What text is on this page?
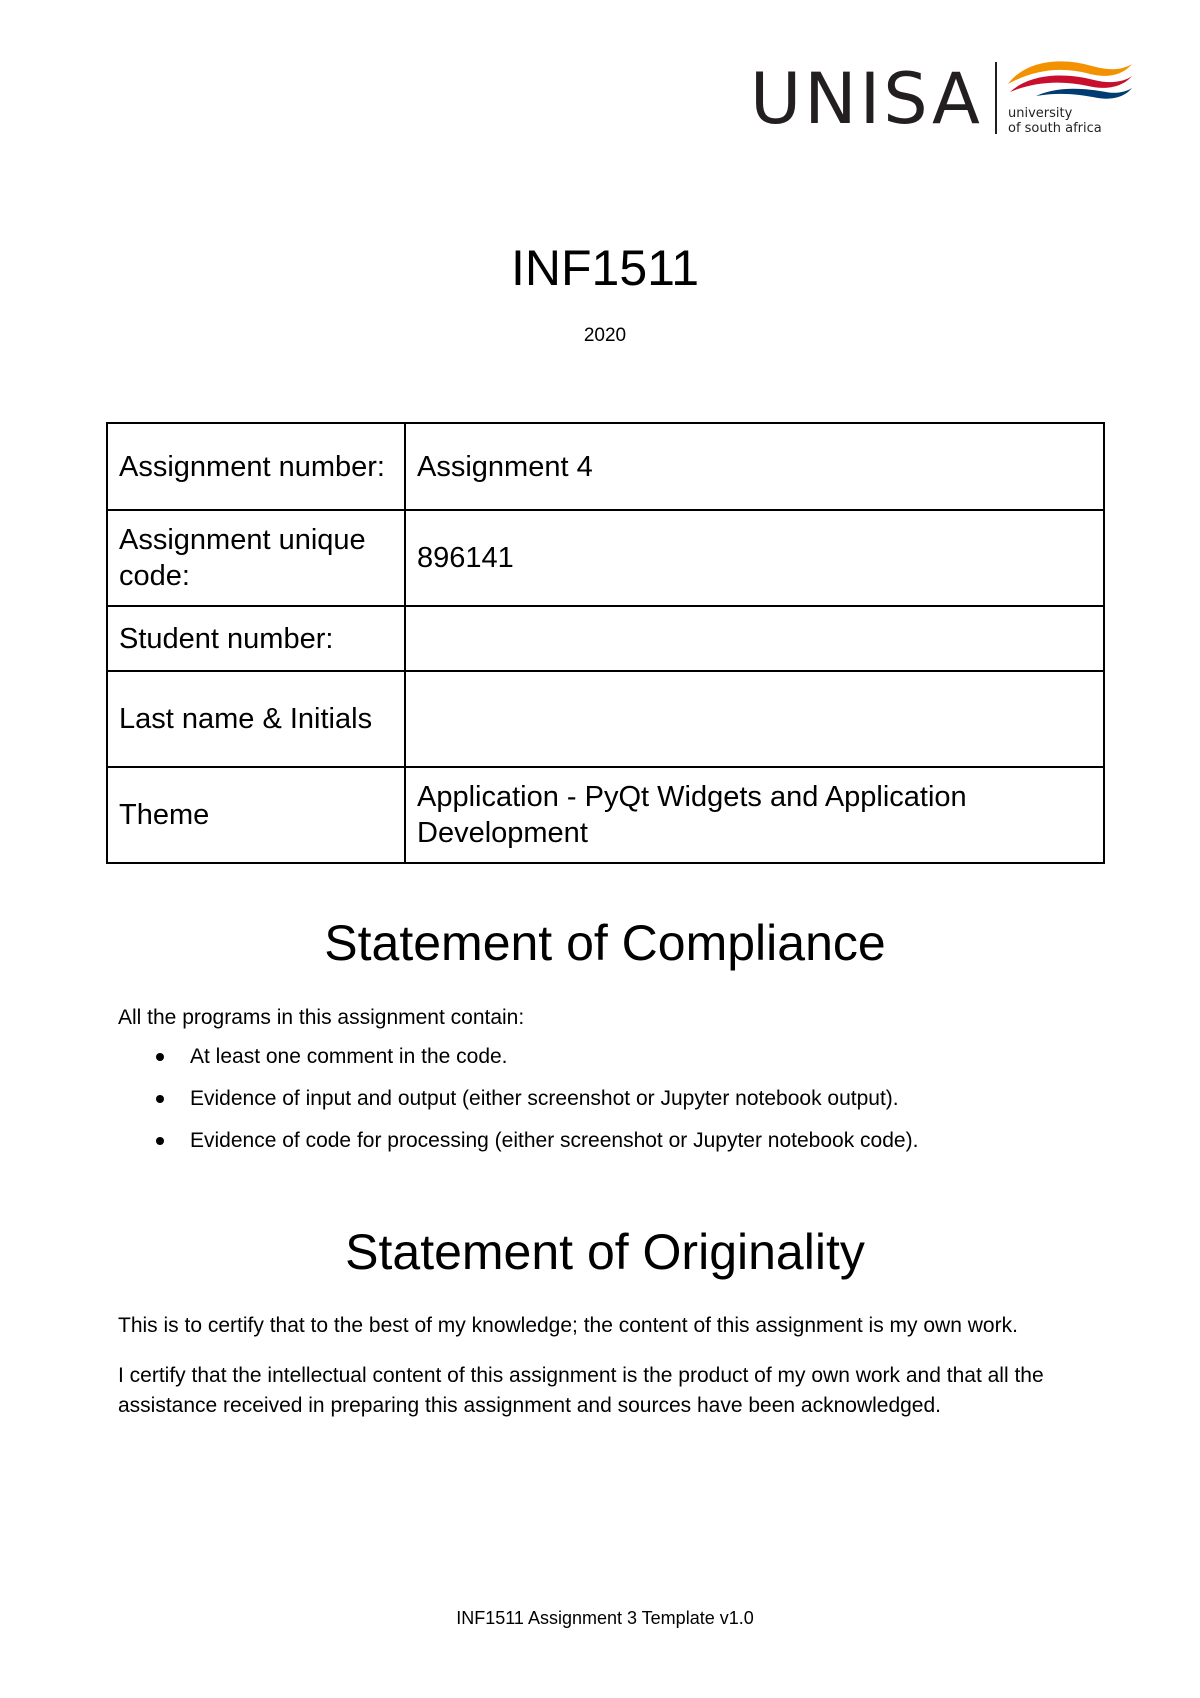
UNISA university
of south africa
INF1511
2020
Assignment number:	Assignment 4
Assignment unique code:	896141
Student number:	
Last name & Initials	
Theme	Application - PyQt Widgets and Application Development
Statement of Compliance

All the programs in this assignment contain:

At least one comment in the code.
Evidence of input and output (either screenshot or Jupyter notebook output).
Evidence of code for processing (either screenshot or Jupyter notebook code).
Statement of Originality

This is to certify that to the best of my knowledge; the content of this assignment is my own work.

I certify that the intellectual content of this assignment is the product of my own work and that all the assistance received in preparing this assignment and sources have been acknowledged.

INF1511 Assignment 3 Template v1.0
